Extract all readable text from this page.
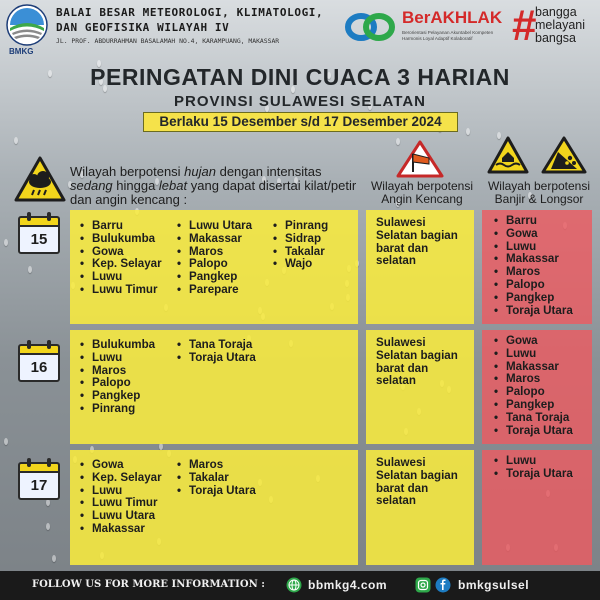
BMKG
BALAI BESAR METEOROLOGI, KLIMATOLOGI,
DAN GEOFISIKA WILAYAH IV
JL. PROF. ABDURRAHMAN BASALAMAH NO.4, KARAMPUANG, MAKASSAR
BerAKHLAK
Berorientasi Pelayanan Akuntabel Kompeten Harmonis Loyal Adaptif Kolaboratif #
bangga
melayani
bangsa
PERINGATAN DINI CUACA 3 HARIAN
PROVINSI SULAWESI SELATAN
Berlaku 15 Desember s/d 17 Desember 2024
Wilayah berpotensi hujan dengan intensitas sedang hingga lebat yang dapat disertai kilat/petir dan angin kencang :
Wilayah berpotensi
Angin Kencang
Wilayah berpotensi
Banjir & Longsor
15
• Barru
• Bulukumba
• Gowa
• Kep. Selayar
• Luwu
• Luwu Timur
• Luwu Utara
• Makassar
• Maros
• Palopo
• Pangkep
• Parepare
• Pinrang
• Sidrap
• Takalar
• Wajo
Sulawesi
Selatan bagian
barat dan
selatan
• Barru
• Gowa
• Luwu
• Makassar
• Maros
• Palopo
• Pangkep
• Toraja Utara
16
• Bulukumba
• Luwu
• Maros
• Palopo
• Pangkep
• Pinrang
• Tana Toraja
• Toraja Utara
Sulawesi
Selatan bagian
barat dan
selatan
• Gowa
• Luwu
• Makassar
• Maros
• Palopo
• Pangkep
• Tana Toraja
• Toraja Utara
17
• Gowa
• Kep. Selayar
• Luwu
• Luwu Timur
• Luwu Utara
• Makassar
• Maros
• Takalar
• Toraja Utara
Sulawesi
Selatan bagian
barat dan
selatan
• Luwu
• Toraja Utara
FOLLOW US FOR MORE INFORMATION :	bbmkg4.com	bmkgsulsel
